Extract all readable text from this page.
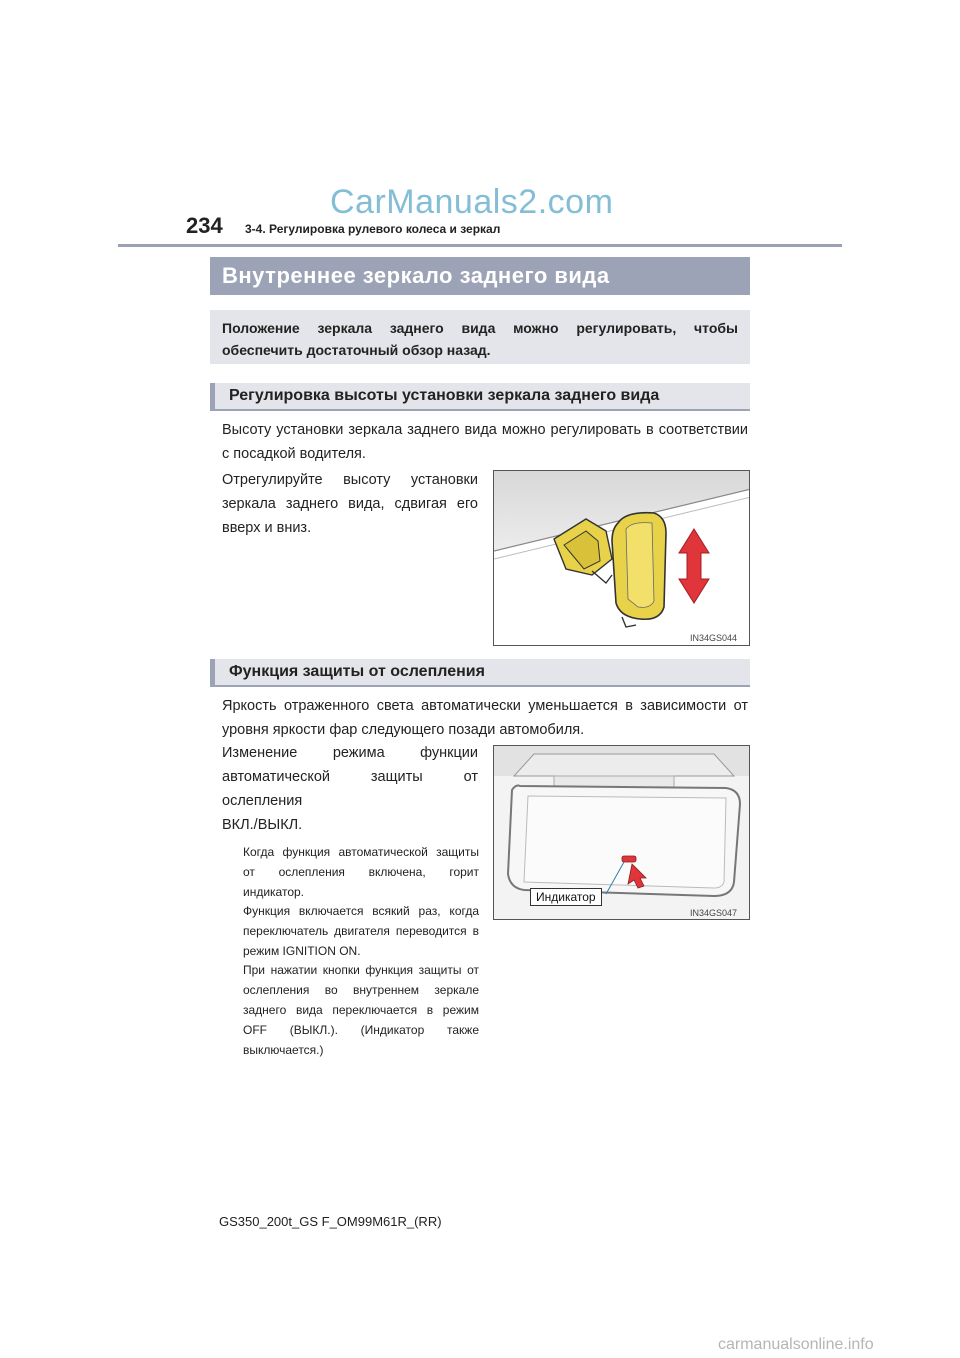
CarManuals2.com
234 3-4. Регулировка рулевого колеса и зеркал
Внутреннее зеркало заднего вида
Положение зеркала заднего вида можно регулировать, чтобы обеспечить достаточный обзор назад.
Регулировка высоты установки зеркала заднего вида
Высоту установки зеркала заднего вида можно регулировать в соответствии с посадкой водителя.
Отрегулируйте высоту установки зеркала заднего вида, сдвигая его вверх и вниз.
IN34GS044
Функция защиты от ослепления
Яркость отраженного света автоматически уменьшается в зависимости от уровня яркости фар следующего позади автомобиля.
Изменение режима функции автоматической защиты от ослепления
ВКЛ./ВЫКЛ.
Когда функция автоматической защиты от ослепления включена, горит индикатор.
Функция включается всякий раз, когда переключатель двигателя переводится в режим IGNITION ON.
При нажатии кнопки функция защиты от ослепления во внутреннем зеркале заднего вида переключается в режим OFF (ВЫКЛ.). (Индикатор также выключается.)
IN34GS047
Индикатор
GS350_200t_GS F_OM99M61R_(RR)
carmanualsonline.info
